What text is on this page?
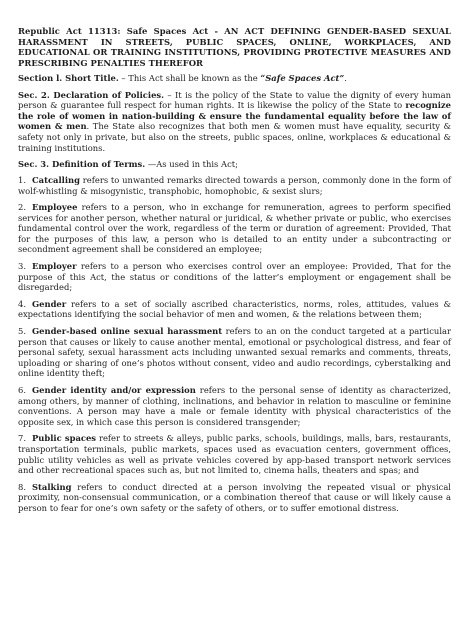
Republic Act 11313: Safe Spaces Act - AN ACT DEFINING GENDER-BASED SEXUAL HARASSMENT IN STREETS, PUBLIC SPACES, ONLINE, WORKPLACES, AND EDUCATIONAL OR TRAINING INSTITUTIONS, PROVIDING PROTECTIVE MEASURES AND PRESCRIBING PENALTIES THEREFOR

Section l. Short Title. – This Act shall be known as the “Safe Spaces Act”.

Sec. 2. Declaration of Policies. – It is the policy of the State to value the dignity of every human person & guarantee full respect for human rights. It is likewise the policy of the State to recognize the role of women in nation-building & ensure the fundamental equality before the law of women & men. The State also recognizes that both men & women must have equality, security & safety not only in private, but also on the streets, public spaces, online, workplaces & educational & training institutions.

Sec. 3. Definition of Terms. —As used in this Act;

1. Catcalling refers to unwanted remarks directed towards a person, commonly done in the form of wolf-whistling & misogynistic, transphobic, homophobic, & sexist slurs;

2. Employee refers to a person, who in exchange for remuneration, agrees to perform specified services for another person, whether natural or juridical, & whether private or public, who exercises fundamental control over the work, regardless of the term or duration of agreement: Provided, That for the purposes of this law, a person who is detailed to an entity under a subcontracting or secondment agreement shall be considered an employee;

3. Employer refers to a person who exercises control over an employee: Provided, That for the purpose of this Act, the status or conditions of the latter’s employment or engagement shall be disregarded;

4. Gender refers to a set of socially ascribed characteristics, norms, roles, attitudes, values & expectations identifying the social behavior of men and women, & the relations between them;

5. Gender-based online sexual harassment refers to an on the conduct targeted at a particular person that causes or likely to cause another mental, emotional or psychological distress, and fear of personal safety, sexual harassment acts including unwanted sexual remarks and comments, threats, uploading or sharing of one’s photos without consent, video and audio recordings, cyberstalking and online identity theft;

6. Gender identity and/or expression refers to the personal sense of identity as characterized, among others, by manner of clothing, inclinations, and behavior in relation to masculine or feminine conventions. A person may have a male or female identity with physical characteristics of the opposite sex, in which case this person is considered transgender;

7. Public spaces refer to streets & alleys, public parks, schools, buildings, malls, bars, restaurants, transportation terminals, public markets, spaces used as evacuation centers, government offices, public utility vehicles as well as private vehicles covered by app-based transport network services and other recreational spaces such as, but not limited to, cinema halls, theaters and spas; and

8. Stalking refers to conduct directed at a person involving the repeated visual or physical proximity, non-consensual communication, or a combination thereof that cause or will likely cause a person to fear for one’s own safety or the safety of others, or to suffer emotional distress.
